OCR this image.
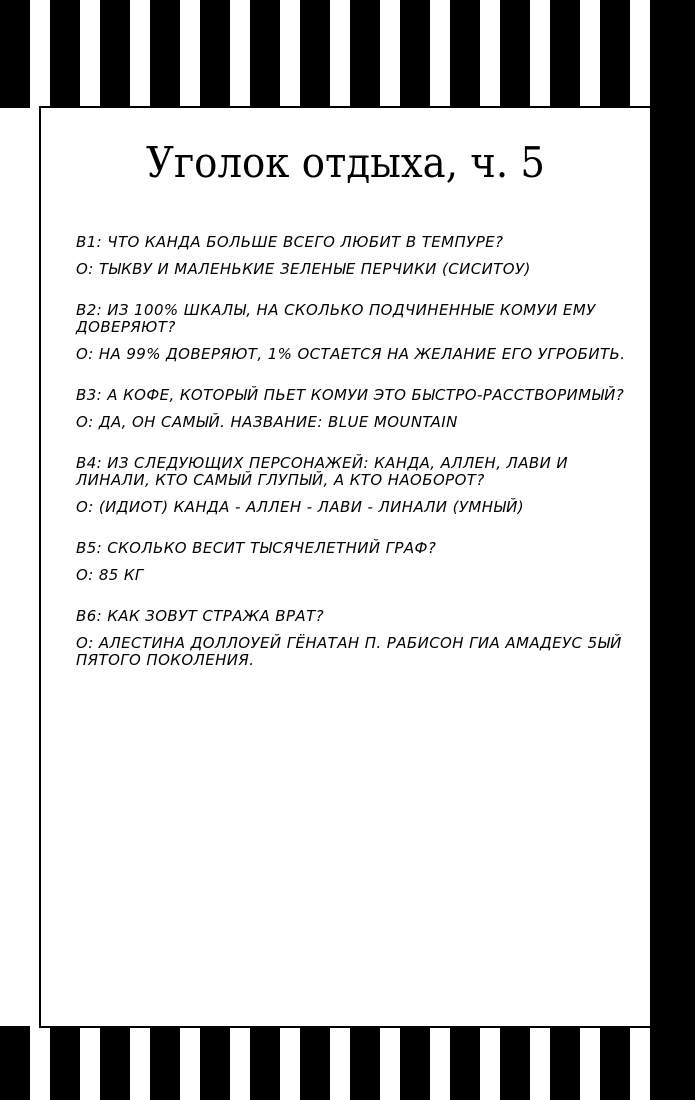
Уголок отдыха, ч. 5

В1: ЧТО КАНДА БОЛЬШЕ ВСЕГО ЛЮБИТ В ТЕМПУРЕ?

О: ТЫКВУ И МАЛЕНЬКИЕ ЗЕЛЕНЫЕ ПЕРЧИКИ (СИСИТОУ)

В2: ИЗ 100% ШКАЛЫ, НА СКОЛЬКО ПОДЧИНЕННЫЕ КОМУИ ЕМУ ДОВЕРЯЮТ?

О: НА 99% ДОВЕРЯЮТ, 1% ОСТАЕТСЯ НА ЖЕЛАНИЕ ЕГО УГРОБИТЬ.

В3: А КОФЕ, КОТОРЫЙ ПЬЕТ КОМУИ ЭТО БЫСТРО-РАССТВОРИМЫЙ?

О: ДА, ОН САМЫЙ. НАЗВАНИЕ: BLUE MOUNTAIN

В4: ИЗ СЛЕДУЮЩИХ ПЕРСОНАЖЕЙ: КАНДА, АЛЛЕН, ЛАВИ И ЛИНАЛИ, КТО САМЫЙ ГЛУПЫЙ, А КТО НАОБОРОТ?

О: (ИДИОТ) КАНДА - АЛЛЕН - ЛАВИ - ЛИНАЛИ (УМНЫЙ)

В5: СКОЛЬКО ВЕСИТ ТЫСЯЧЕЛЕТНИЙ ГРАФ?

О: 85 КГ

В6: КАК ЗОВУТ СТРАЖА ВРАТ?

О: АЛЕСТИНА ДОЛЛОУЕЙ ГЁНАТАН П. РАБИСОН ГИА АМАДЕУС 5ЫЙ ПЯТОГО ПОКОЛЕНИЯ.
